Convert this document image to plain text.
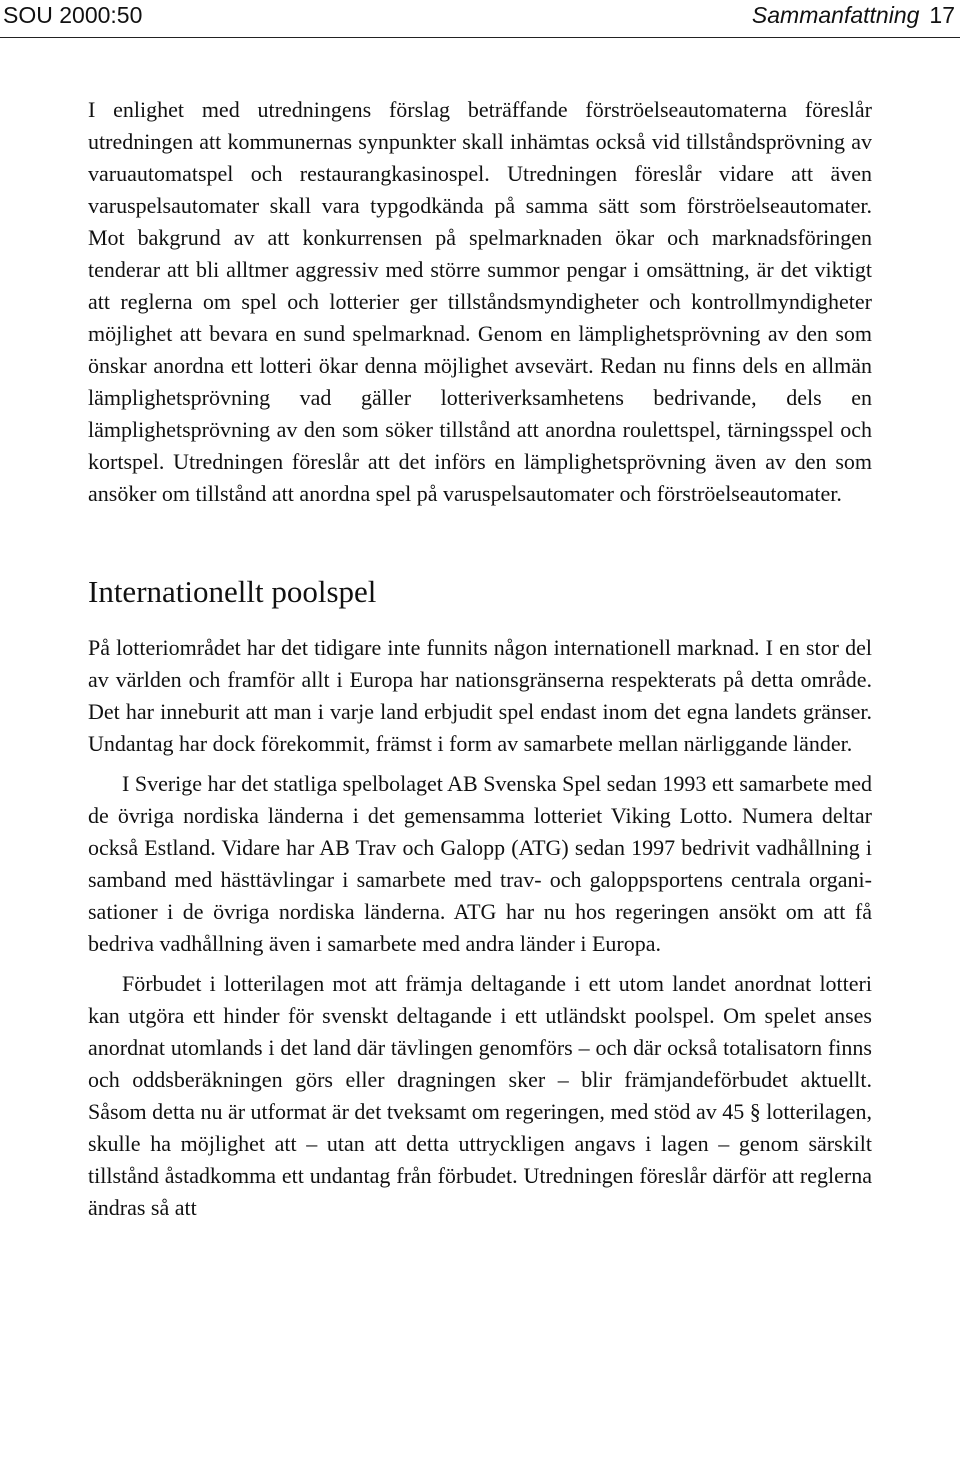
SOU 2000:50	Sammanfattning 17

I enlighet med utredningens förslag beträffande förströelseautomaterna föreslår utredningen att kommunernas synpunkter skall inhämtas också vid tillståndsprövning av varuautomatspel och restaurangkasinospel. Utredningen föreslår vidare att även varuspelsautomater skall vara typgodkända på samma sätt som förströelseautomater. Mot bakgrund av att konkurrensen på spelmarknaden ökar och marknadsföringen tenderar att bli alltmer aggressiv med större summor pengar i omsättning, är det viktigt att reglerna om spel och lotterier ger tillståndsmyndigheter och kontrollmyndigheter möjlighet att bevara en sund spelmarknad. Genom en lämplighetsprövning av den som önskar anordna ett lotteri ökar denna möjlighet avsevärt. Redan nu finns dels en allmän lämplighetsprövning vad gäller lotteriverksamhetens bedrivande, dels en lämplighetsprövning av den som söker tillstånd att anordna roulettspel, tärningsspel och kortspel. Utredningen föreslår att det införs en lämplighetsprövning även av den som ansöker om tillstånd att anordna spel på varuspelsautomater och förströelseautomater.

Internationellt poolspel

På lotteriområdet har det tidigare inte funnits någon internationell marknad. I en stor del av världen och framför allt i Europa har nationsgränserna respekterats på detta område. Det har inneburit att man i varje land erbjudit spel endast inom det egna landets gränser. Undantag har dock förekommit, främst i form av samarbete mellan närliggande länder.

I Sverige har det statliga spelbolaget AB Svenska Spel sedan 1993 ett samarbete med de övriga nordiska länderna i det gemensamma lotteriet Viking Lotto. Numera deltar också Estland. Vidare har AB Trav och Galopp (ATG) sedan 1997 bedrivit vadhållning i samband med hästtävlingar i samarbete med trav- och galoppsportens centrala organisationer i de övriga nordiska länderna. ATG har nu hos regeringen ansökt om att få bedriva vadhållning även i samarbete med andra länder i Europa.

Förbudet i lotterilagen mot att främja deltagande i ett utom landet anordnat lotteri kan utgöra ett hinder för svenskt deltagande i ett utländskt poolspel. Om spelet anses anordnat utomlands i det land där tävlingen genomförs – och där också totalisatorn finns och oddsberäkningen görs eller dragningen sker – blir främjandeförbudet aktuellt. Såsom detta nu är utformat är det tveksamt om regeringen, med stöd av 45 § lotterilagen, skulle ha möjlighet att – utan att detta uttryckligen angavs i lagen – genom särskilt tillstånd åstadkomma ett undantag från förbudet. Utredningen föreslår därför att reglerna ändras så att
